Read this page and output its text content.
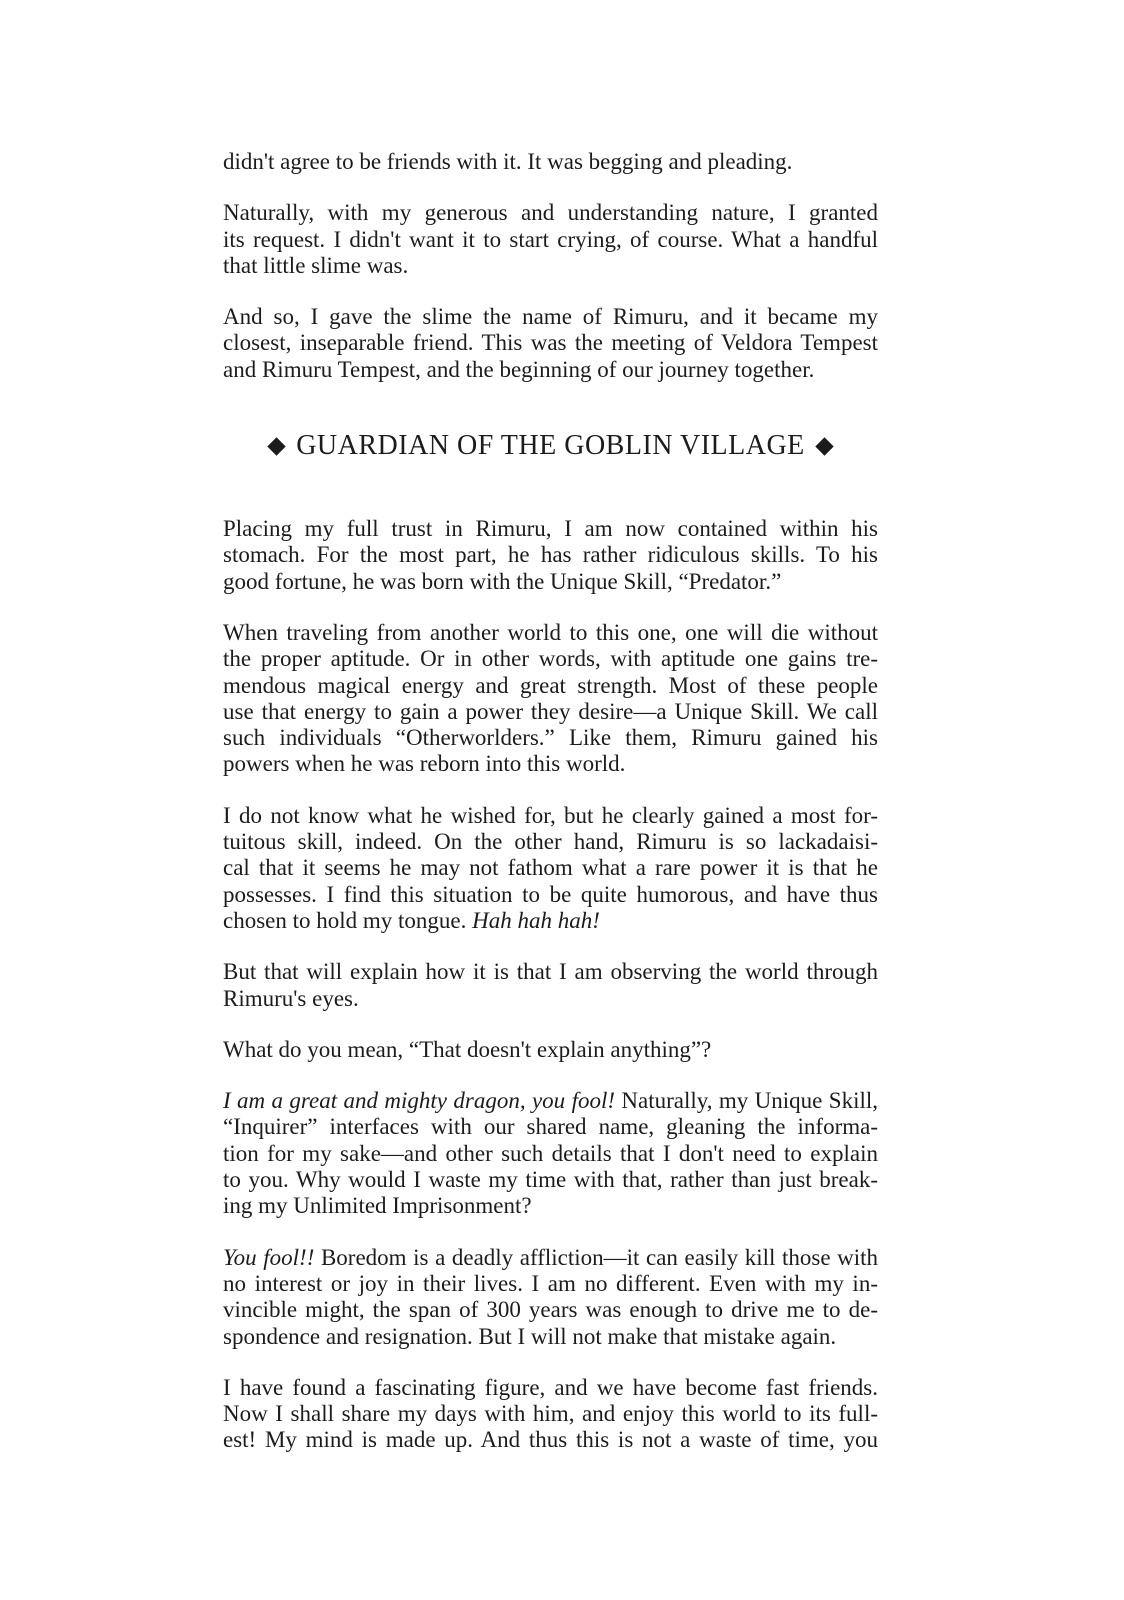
didn't agree to be friends with it. It was begging and pleading.
Naturally, with my generous and understanding nature, I granted
its request. I didn't want it to start crying, of course. What a handful
that little slime was.
And so, I gave the slime the name of Rimuru, and it became my
closest, inseparable friend. This was the meeting of Veldora Tempest
and Rimuru Tempest, and the beginning of our journey together.
GUARDIAN OF THE GOBLIN VILLAGE
Placing my full trust in Rimuru, I am now contained within his
stomach. For the most part, he has rather ridiculous skills. To his
good fortune, he was born with the Unique Skill, “Predator.”
When traveling from another world to this one, one will die without
the proper aptitude. Or in other words, with aptitude one gains tre-
mendous magical energy and great strength. Most of these people
use that energy to gain a power they desire—a Unique Skill. We call
such individuals “Otherworlders.” Like them, Rimuru gained his
powers when he was reborn into this world.
I do not know what he wished for, but he clearly gained a most for-
tuitous skill, indeed. On the other hand, Rimuru is so lackadaisi-
cal that it seems he may not fathom what a rare power it is that he
possesses. I find this situation to be quite humorous, and have thus
chosen to hold my tongue. Hah hah hah!
But that will explain how it is that I am observing the world through
Rimuru's eyes.
What do you mean, “That doesn't explain anything”?
I am a great and mighty dragon, you fool! Naturally, my Unique Skill,
“Inquirer” interfaces with our shared name, gleaning the informa-
tion for my sake—and other such details that I don't need to explain
to you. Why would I waste my time with that, rather than just break-
ing my Unlimited Imprisonment?
You fool!! Boredom is a deadly affliction—it can easily kill those with
no interest or joy in their lives. I am no different. Even with my in-
vincible might, the span of 300 years was enough to drive me to de-
spondence and resignation. But I will not make that mistake again.
I have found a fascinating figure, and we have become fast friends.
Now I shall share my days with him, and enjoy this world to its full-
est! My mind is made up. And thus this is not a waste of time, you
